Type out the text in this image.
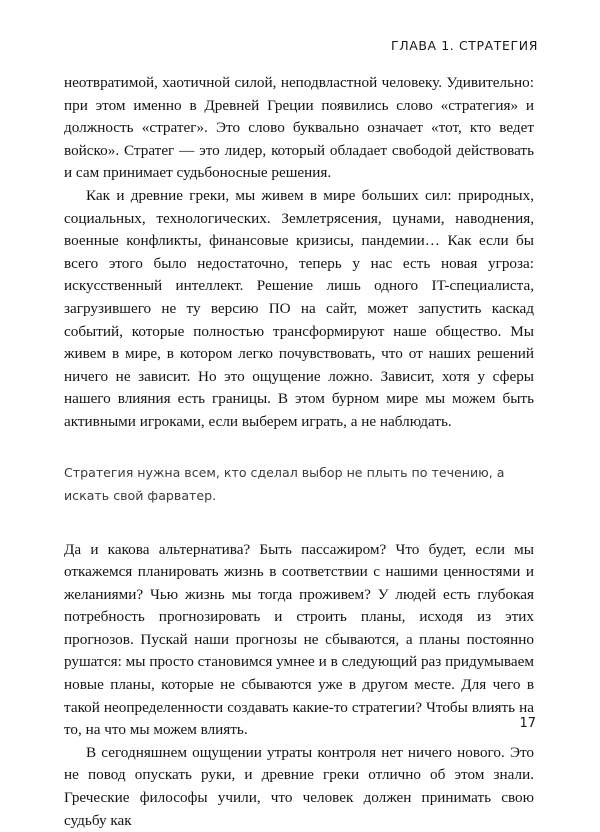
ГЛАВА 1. СТРАТЕГИЯ

неотвратимой, хаотичной силой, неподвластной человеку. Удивительно: при этом именно в Древней Греции появились слово «стратегия» и должность «стратег». Это слово буквально означает «тот, кто ведет войско». Стратег — это лидер, который обладает свободой действовать и сам принимает судьбоносные решения.

Как и древние греки, мы живем в мире больших сил: природных, социальных, технологических. Землетрясения, цунами, наводнения, военные конфликты, финансовые кризисы, пандемии… Как если бы всего этого было недостаточно, теперь у нас есть новая угроза: искусственный интеллект. Решение лишь одного IT-специалиста, загрузившего не ту версию ПО на сайт, может запустить каскад событий, которые полностью трансформируют наше общество. Мы живем в мире, в котором легко почувствовать, что от наших решений ничего не зависит. Но это ощущение ложно. Зависит, хотя у сферы нашего влияния есть границы. В этом бурном мире мы можем быть активными игроками, если выберем играть, а не наблюдать.

Стратегия нужна всем, кто сделал выбор не плыть по течению, а искать свой фарватер.

Да и какова альтернатива? Быть пассажиром? Что будет, если мы откажемся планировать жизнь в соответствии с нашими ценностями и желаниями? Чью жизнь мы тогда проживем? У людей есть глубокая потребность прогнозировать и строить планы, исходя из этих прогнозов. Пускай наши прогнозы не сбываются, а планы постоянно рушатся: мы просто становимся умнее и в следующий раз придумываем новые планы, которые не сбываются уже в другом месте. Для чего в такой неопределенности создавать какие-то стратегии? Чтобы влиять на то, на что мы можем влиять.

В сегодняшнем ощущении утраты контроля нет ничего нового. Это не повод опускать руки, и древние греки отлично об этом знали. Греческие философы учили, что человек должен принимать свою судьбу как

17
